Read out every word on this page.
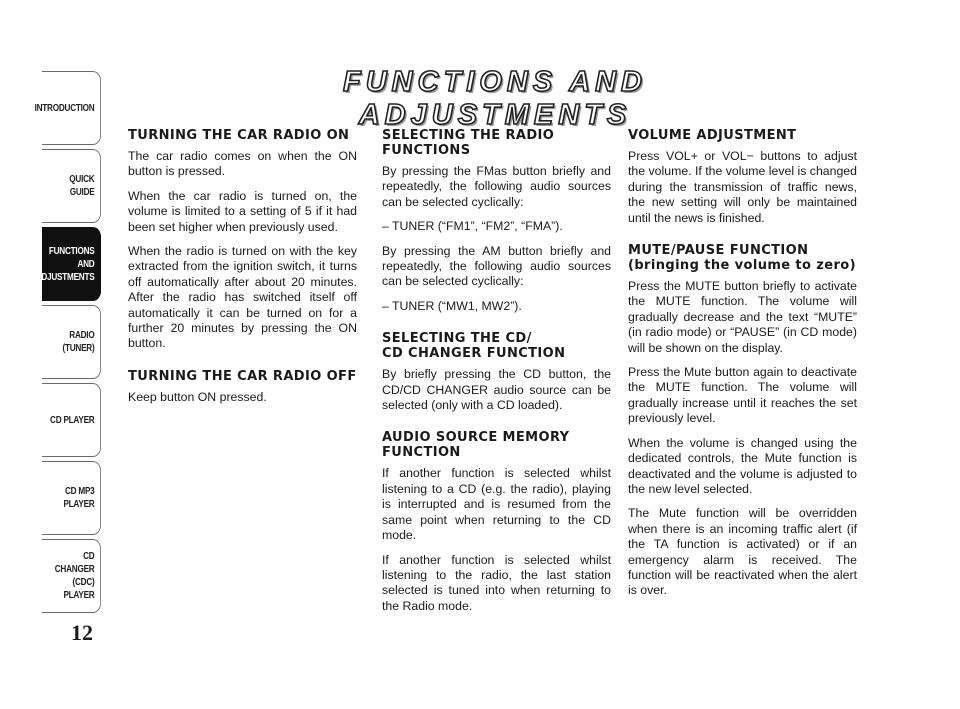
INTRODUCTION
QUICK
GUIDE
FUNCTIONS
AND
ADJUSTMENTS
RADIO
(TUNER)
CD PLAYER
CD MP3
PLAYER
CD CHANGER
(CDC) PLAYER
12
FUNCTIONS AND ADJUSTMENTS
TURNING THE CAR RADIO ON

The car radio comes on when the ON button is pressed.

When the car radio is turned on, the volume is limited to a setting of 5 if it had been set higher when previously used.

When the radio is turned on with the key extracted from the ignition switch, it turns off automatically after about 20 minutes. After the radio has switched itself off automatically it can be turned on for a further 20 minutes by pressing the ON button.

TURNING THE CAR RADIO OFF

Keep button ON pressed.

SELECTING THE RADIO FUNCTIONS

By pressing the FMas button briefly and repeatedly, the following audio sources can be selected cyclically:

– TUNER (“FM1”, “FM2”, “FMA”).

By pressing the AM button briefly and repeatedly, the following audio sources can be selected cyclically:

– TUNER (“MW1, MW2”).

SELECTING THE CD/
CD CHANGER FUNCTION

By briefly pressing the CD button, the CD/CD CHANGER audio source can be selected (only with a CD loaded).

AUDIO SOURCE MEMORY FUNCTION

If another function is selected whilst listening to a CD (e.g. the radio), playing is interrupted and is resumed from the same point when returning to the CD mode.

If another function is selected whilst listening to the radio, the last station selected is tuned into when returning to the Radio mode.

VOLUME ADJUSTMENT

Press VOL+ or VOL− buttons to adjust the volume. If the volume level is changed during the transmission of traffic news, the new setting will only be maintained until the news is finished.

MUTE/PAUSE FUNCTION
(bringing the volume to zero)

Press the MUTE button briefly to activate the MUTE function. The volume will gradually decrease and the text “MUTE” (in radio mode) or “PAUSE” (in CD mode) will be shown on the display.

Press the Mute button again to deactivate the MUTE function. The volume will gradually increase until it reaches the set previously level.

When the volume is changed using the dedicated controls, the Mute function is deactivated and the volume is adjusted to the new level selected.

The Mute function will be overridden when there is an incoming traffic alert (if the TA function is activated) or if an emergency alarm is received. The function will be reactivated when the alert is over.
